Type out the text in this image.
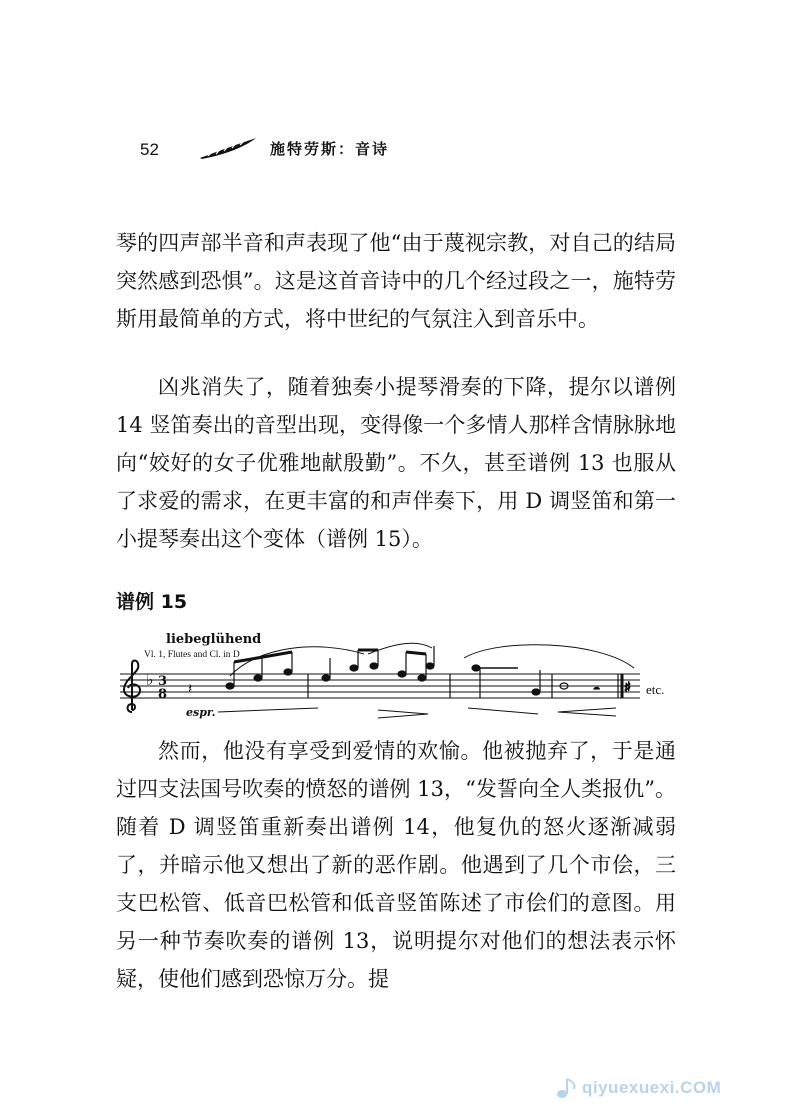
52	施特劳斯：音诗

琴的四声部半音和声表现了他“由于蔑视宗教，对自己的结局突然感到恐惧”。这是这首音诗中的几个经过段之一，施特劳斯用最简单的方式，将中世纪的气氛注入到音乐中。

凶兆消失了，随着独奏小提琴滑奏的下降，提尔以谱例 14 竖笛奏出的音型出现，变得像一个多情人那样含情脉脉地向“姣好的女子优雅地献殷勤”。不久，甚至谱例 13 也服从了求爱的需求，在更丰富的和声伴奏下，用 D 调竖笛和第一小提琴奏出这个变体（谱例 15）。

谱例 15
liebeglühend
Vl. 1, Flutes and Cl. in D
♭ 3
8 𝄽	𝄼 ♯
espr.
etc.

然而，他没有享受到爱情的欢愉。他被抛弃了，于是通过四支法国号吹奏的愤怒的谱例 13，“发誓向全人类报仇”。随着 D 调竖笛重新奏出谱例 14，他复仇的怒火逐渐减弱了，并暗示他又想出了新的恶作剧。他遇到了几个市侩，三支巴松管、低音巴松管和低音竖笛陈述了市侩们的意图。用另一种节奏吹奏的谱例 13，说明提尔对他们的想法表示怀疑，使他们感到恐惊万分。提

qiyuexuexi.COM
